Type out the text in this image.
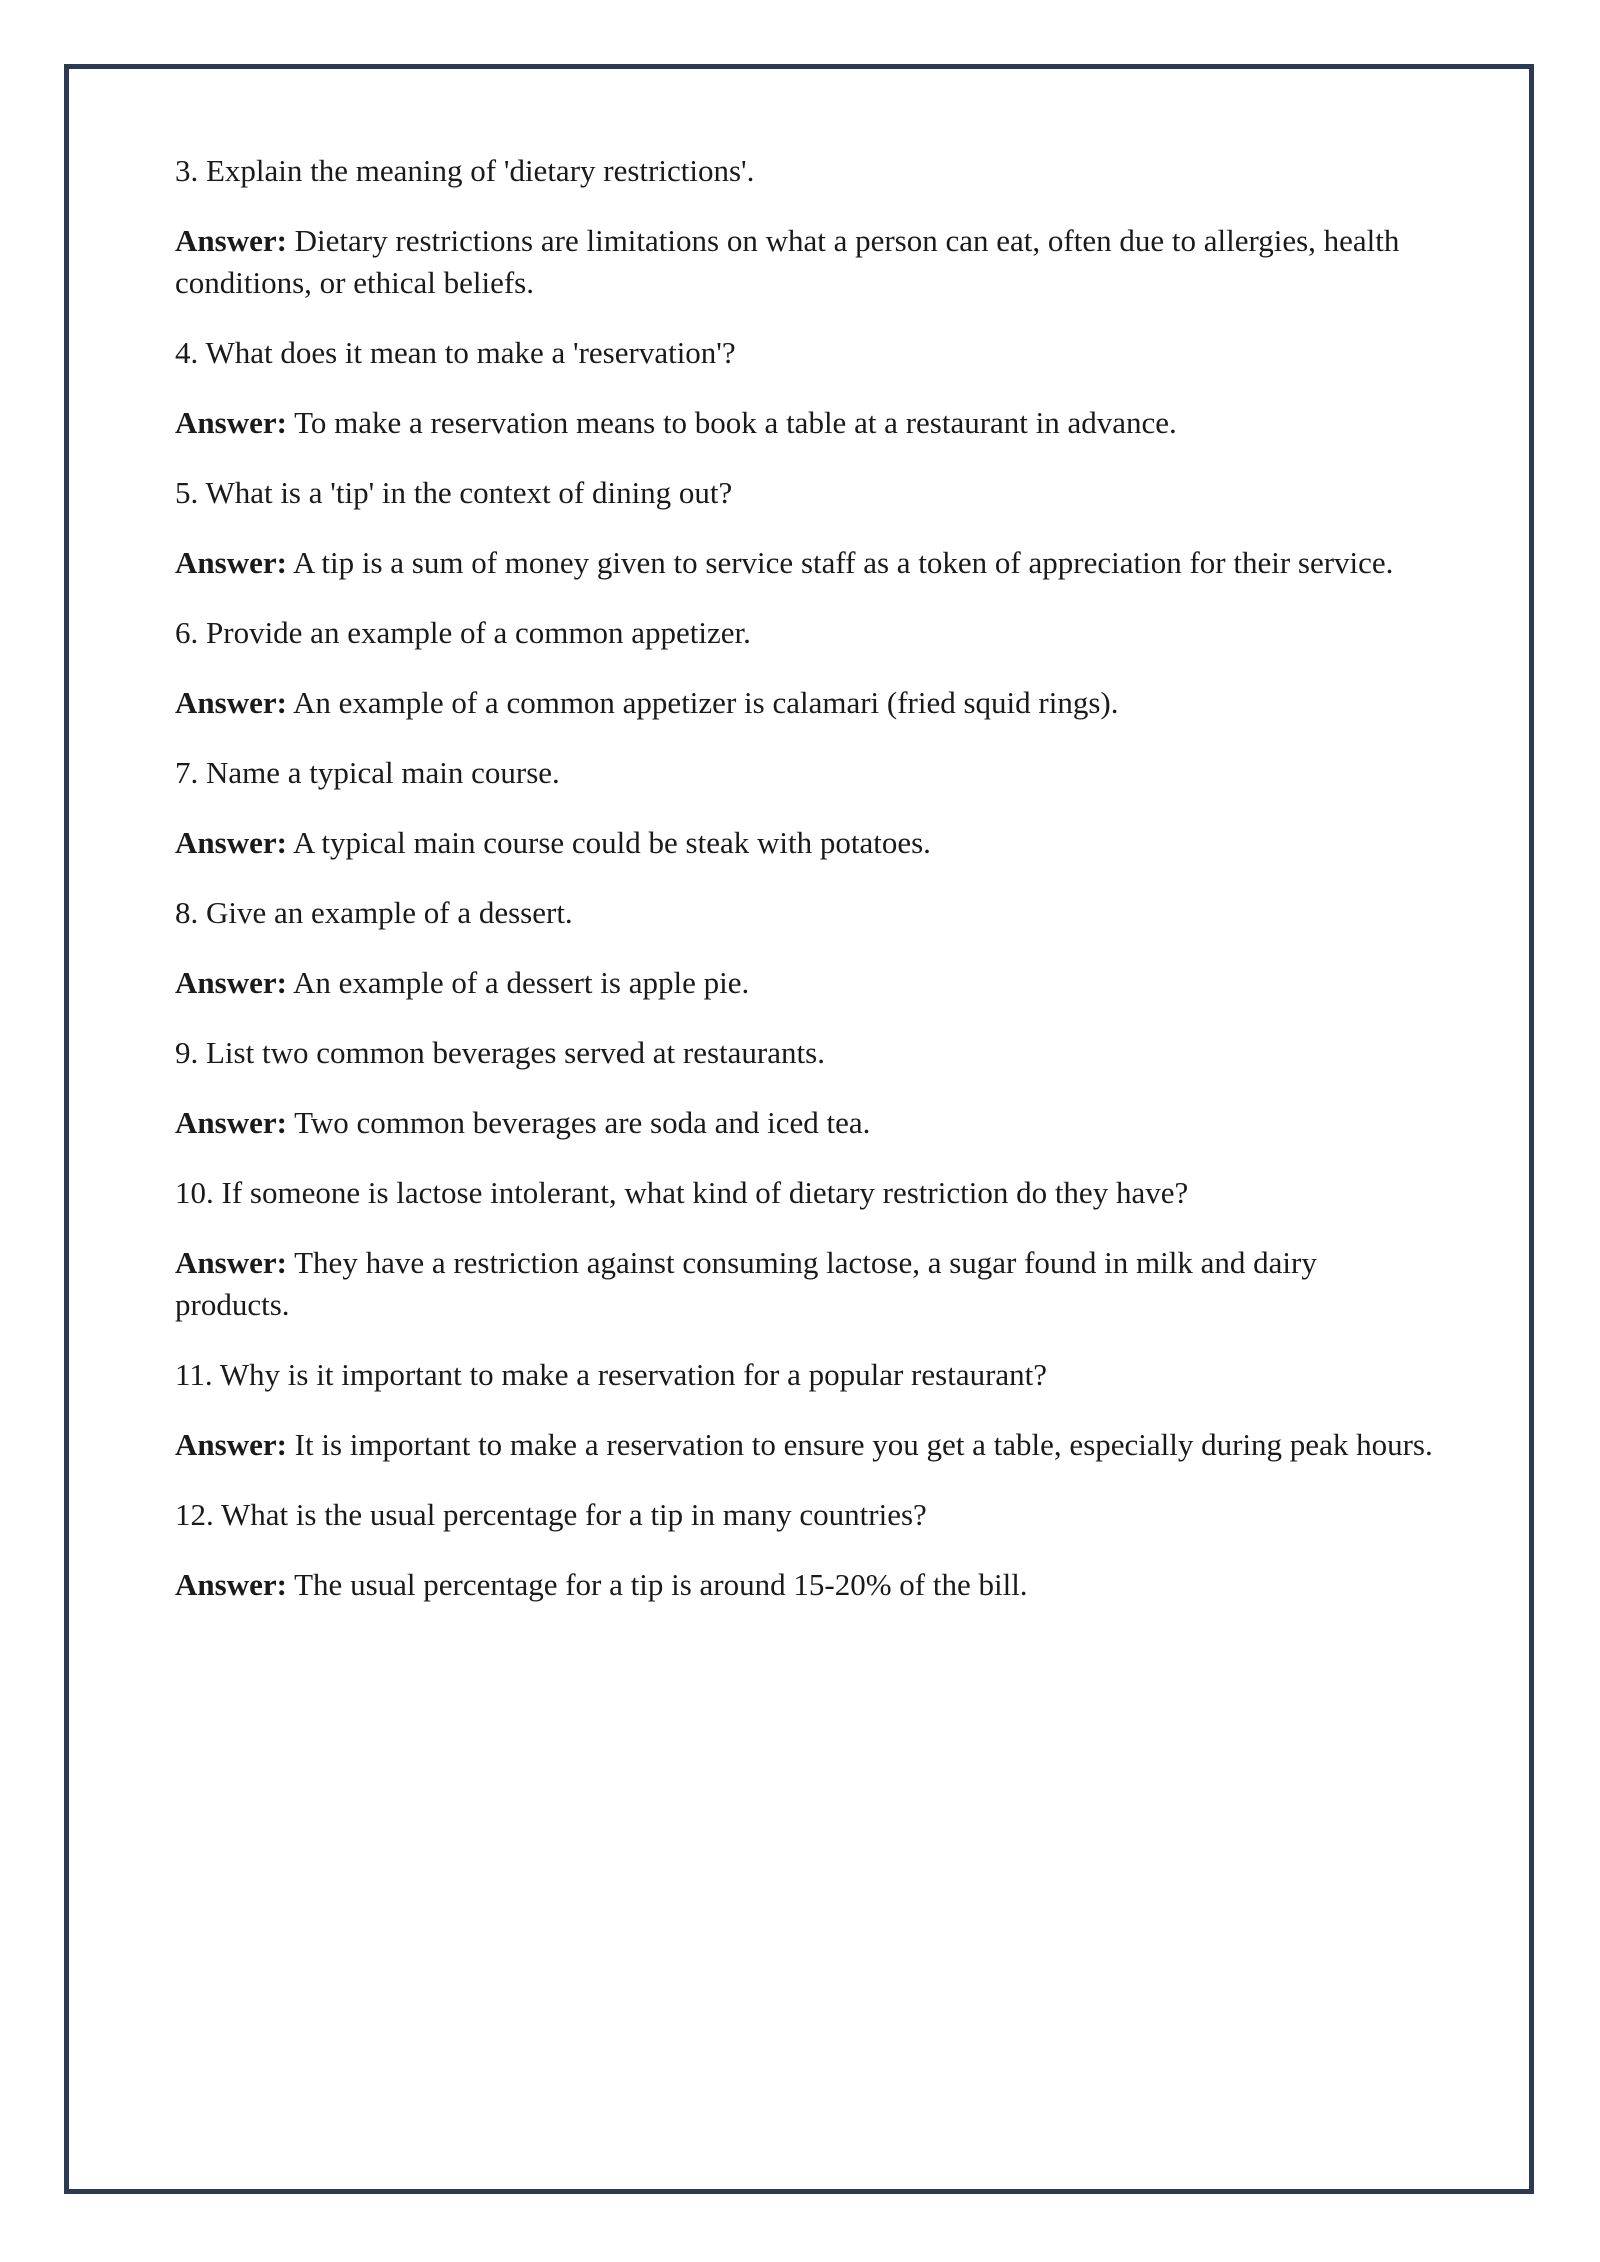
3. Explain the meaning of 'dietary restrictions'.

Answer: Dietary restrictions are limitations on what a person can eat, often due to allergies, health conditions, or ethical beliefs.

4. What does it mean to make a 'reservation'?

Answer: To make a reservation means to book a table at a restaurant in advance.

5. What is a 'tip' in the context of dining out?

Answer: A tip is a sum of money given to service staff as a token of appreciation for their service.

6. Provide an example of a common appetizer.

Answer: An example of a common appetizer is calamari (fried squid rings).

7. Name a typical main course.

Answer: A typical main course could be steak with potatoes.

8. Give an example of a dessert.

Answer: An example of a dessert is apple pie.

9. List two common beverages served at restaurants.

Answer: Two common beverages are soda and iced tea.

10. If someone is lactose intolerant, what kind of dietary restriction do they have?

Answer: They have a restriction against consuming lactose, a sugar found in milk and dairy products.

11. Why is it important to make a reservation for a popular restaurant?

Answer: It is important to make a reservation to ensure you get a table, especially during peak hours.

12. What is the usual percentage for a tip in many countries?

Answer: The usual percentage for a tip is around 15-20% of the bill.
